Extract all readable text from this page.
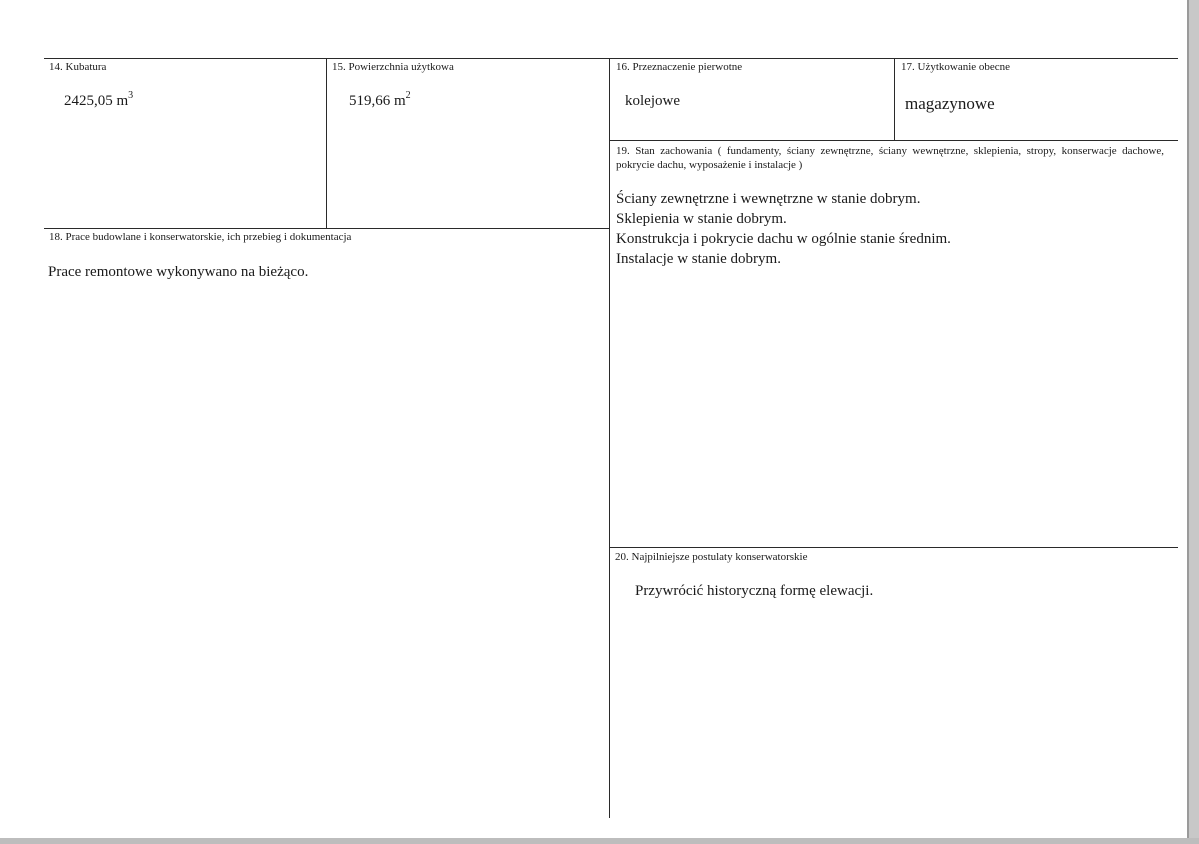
14. Kubatura
2425,05 $m^3$
15. Powierzchnia użytkowa
519,66 $m^2$
16. Przeznaczenie pierwotne
kolejowe
17. Użytkowanie obecne
magazynowe
19. Stan zachowania ( fundamenty, ściany zewnętrzne, ściany wewnętrzne, sklepienia, stropy, konserwacje dachowe, pokrycie dachu, wyposażenie i instalacje )
Ściany zewnętrzne i wewnętrzne w stanie dobrym.
Sklepienia w stanie dobrym.
Konstrukcja i pokrycie dachu w ogólnie stanie średnim.
Instalacje w stanie dobrym.
18. Prace budowlane i konserwatorskie, ich przebieg i dokumentacja
Prace remontowe wykonywano na bieżąco.
20. Najpilniejsze postulaty konserwatorskie
Przywrócić historyczną formę elewacji.
